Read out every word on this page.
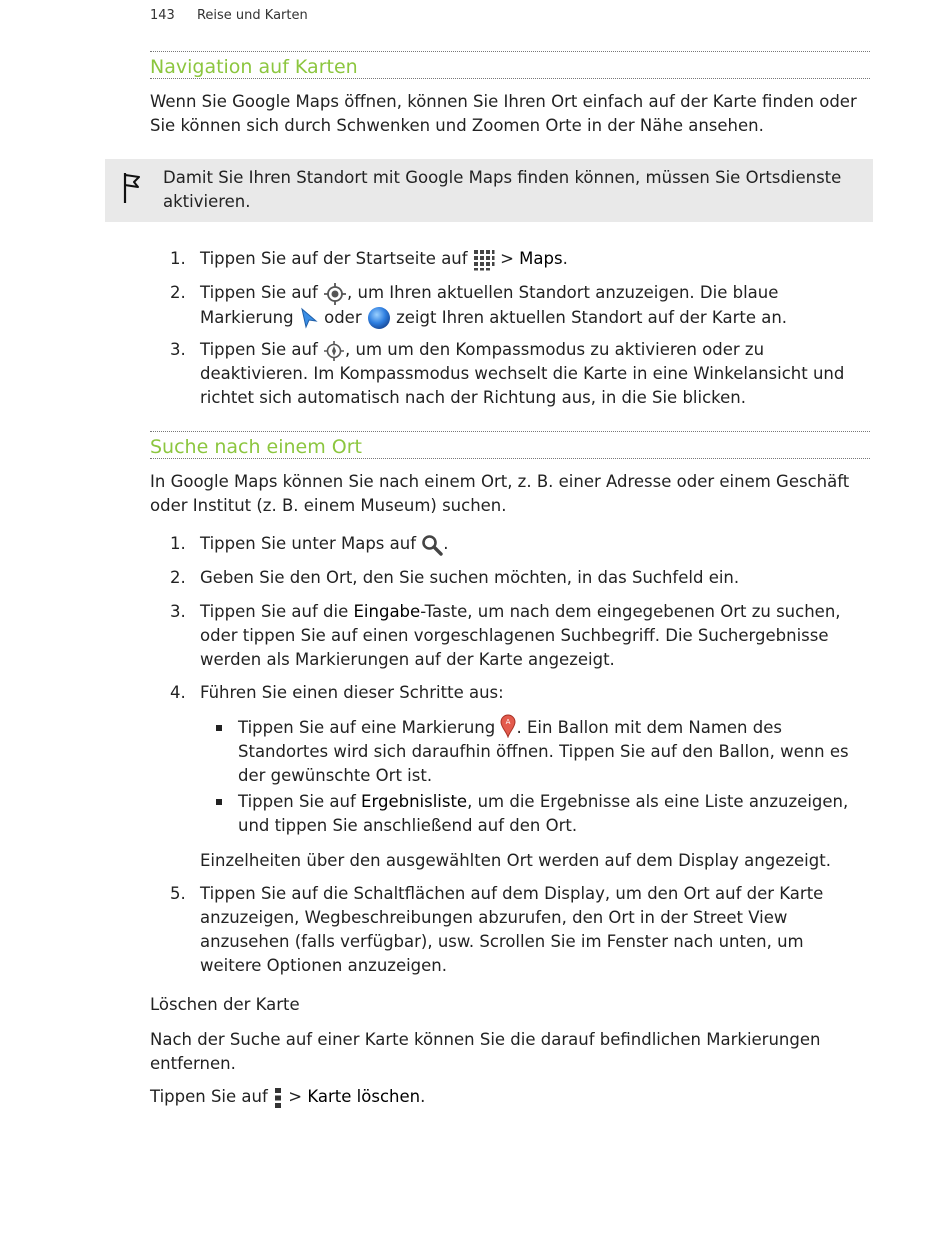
143 Reise und Karten
Navigation auf Karten

Wenn Sie Google Maps öffnen, können Sie Ihren Ort einfach auf der Karte finden oder Sie können sich durch Schwenken und Zoomen Orte in der Nähe ansehen.

Damit Sie Ihren Standort mit Google Maps finden können, müssen Sie Ortsdienste aktivieren.

1. Tippen Sie auf der Startseite auf > Maps.
2. Tippen Sie auf , um Ihren aktuellen Standort anzuzeigen. Die blaue Markierung oder zeigt Ihren aktuellen Standort auf der Karte an.
3. Tippen Sie auf , um um den Kompassmodus zu aktivieren oder zu deaktivieren. Im Kompassmodus wechselt die Karte in eine Winkelansicht und richtet sich automatisch nach der Richtung aus, in die Sie blicken.
Suche nach einem Ort

In Google Maps können Sie nach einem Ort, z. B. einer Adresse oder einem Geschäft oder Institut (z. B. einem Museum) suchen.

1. Tippen Sie unter Maps auf .
2. Geben Sie den Ort, den Sie suchen möchten, in das Suchfeld ein.
3. Tippen Sie auf die Eingabe-Taste, um nach dem eingegebenen Ort zu suchen, oder tippen Sie auf einen vorgeschlagenen Suchbegriff. Die Suchergebnisse werden als Markierungen auf der Karte angezeigt.
4. Führen Sie einen dieser Schritte aus:
Tippen Sie auf eine Markierung A . Ein Ballon mit dem Namen des Standortes wird sich daraufhin öffnen. Tippen Sie auf den Ballon, wenn es der gewünschte Ort ist.
Tippen Sie auf Ergebnisliste, um die Ergebnisse als eine Liste anzuzeigen, und tippen Sie anschließend auf den Ort.
Einzelheiten über den ausgewählten Ort werden auf dem Display angezeigt.
5. Tippen Sie auf die Schaltflächen auf dem Display, um den Ort auf der Karte anzuzeigen, Wegbeschreibungen abzurufen, den Ort in der Street View anzusehen (falls verfügbar), usw. Scrollen Sie im Fenster nach unten, um weitere Optionen anzuzeigen.

Löschen der Karte

Nach der Suche auf einer Karte können Sie die darauf befindlichen Markierungen entfernen.

Tippen Sie auf > Karte löschen.
